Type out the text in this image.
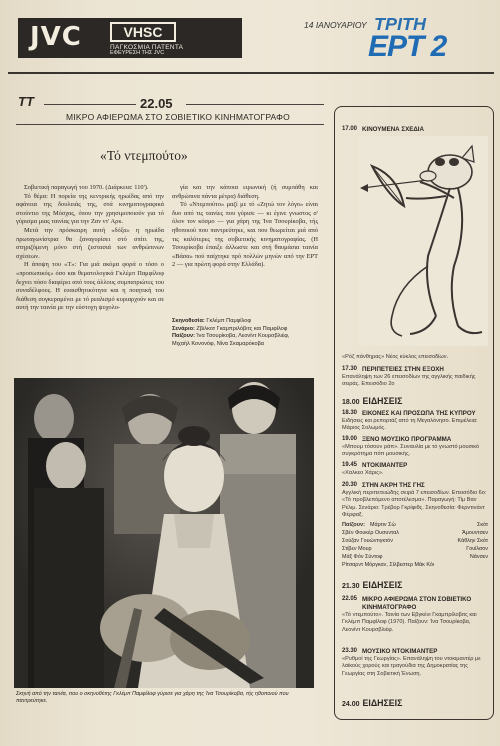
JVC	VHSC
ΠΑΓΚΟΣΜΙΑ ΠΑΤΕΝΤΑ
ΕΦΕΥΡΕΣΗ ΤΗΣ JVC
14 ΙΑΝΟΥΑΡΙΟΥ ΤΡΙΤΗ
ΕΡΤ 2
TT	22.05
ΜΙΚΡΟ ΑΦΙΕΡΩΜΑ ΣΤΟ ΣΟΒΙΕΤΙΚΟ ΚΙΝΗΜΑΤΟΓΡΑΦΟ
«Τό ντεμπούτο»

Σοβιετική παραγωγή του 1970. (Διάρκεια: 110').

Τό θέμα: Η πορεία της κεντρικής ηρωίδας από την αφάνεια της δουλειάς της, στά κινηματογραφικά στούντιο της Μόσχας, όπου την χρησιμοποιούν για τό γύρισμα μιας ταινίας για την Ζαν ντ' Αρκ.

Μετά την πρόσκαιρη αυτή «δόξα» η ηρωίδα πρωταγωνίστρια θα ξαναγυρίσει στό σπίτι της, στηριζόμενη μόνο στή ζεστασιά των ανθρώπινων σχέσεων.

Η άποψη του «Τ»: Για μιά ακόμα φορά ο τόσο ο «προσωπικός» όσο και θεματολογικά Γκλέμπ Παμφίλοφ δεχνει πόσο διαφέρει από τους άλλους συμπατριώτες του συναδέλφους. Η ευαισθητικότητα και η ποιητική του διάθεση συγκεραμένει με τό ρεαλισμό κυριαρχούν και σε αυτή την ταινία με την εύστοχη ψυχολο-

γία και την κάποια ειρωνική (ή συμπάθη και ανθρώπινα πάντα μέτρα) διάθεση.

Τό «Ντεμπούτο» μαζί με τό «Ζητώ τον λόγο» είναι δυο από τις ταινίες που γύρισε — κι έγινε γνωστος σ' όλον τον κόσμο — για χάρη της Ίνα Τσουρίκοβα, τής ηθοποιού που παντρεύτηκε, και που θεωρείται μιά από τις καλύτερες της σοβιετικής κινηματογραφίας. (Η Τσουρίκοβα έπαιξε άλλωστε και στή θαυμάσια ταινία «Βάσα» πού παίχτηκε πρό πολλών μηνών από την ΕΡΤ 2 — για πρώτη φορά στην Ελλάδα).

Σκηνοθεσία: Γκλέμπ Παμφίλοφ
Σενάριο: Ζβιλκοτ Γκαμπριλόβιτς και Παμφίλοφ
Παίζουν: Ίνα Τσουρίκοβα, Λεονίντ Κουρσβλιέφ,
Μιχαήλ Κονονόφ, Νίνα Σκαμαρόκοβα
Σκηνή από την ταινία, που ο σκηνοθέτης Γκλέμπ Παμφίλοφ γύρισε για χάρη της Ίνα Τσουρίκοβα, τής ηθοποιού που παντρεύτηκε.
17.00 ΚΙΝΟΥΜΕΝΑ ΣΧΕΔΙΑ
«Ρόζ πάνθηρας» Νέος κύκλος επεισοδίων.
17.30 ΠΕΡΙΠΕΤΕΙΕΣ ΣΤΗΝ ΕΞΟΧΗ
Επανάληψη των 26 επεισοδίων της αγγλικής παιδικής σειράς. Επεισόδιο 2ο
18.00 ΕΙΔΗΣΕΙΣ
18.30 ΕΙΚΟΝΕΣ ΚΑΙ ΠΡΟΣΩΠΑ ΤΗΣ ΚΥΠΡΟΥ
Ειδήσεις και ρεπορτάζ από τη Μεγαλόνησο. Επιμέλεια: Μάριος Σολωμός.
19.00 ΞΕΝΟ ΜΟΥΣΙΚΟ ΠΡΟΓΡΑΜΜΑ
«Μπουμ τόσουν ράπ». Συναυλία με τό γνωστό μουσικό συγκρότημα πόπ μουσικής.
19.45 ΝΤΟΚΙΜΑΝΤΕΡ
«Χαλκεο Χάρις».
20.30 ΣΤΗΝ ΑΚΡΗ ΤΗΣ ΓΗΣ
Αγγλική περιπετειώδης σειρά 7 επεισοδίων. Επεισόδιο 6ο: «Τό προβλεπόμενο αποτέλεσμα». Παραγωγή: Τίμ Βαν Ρέλιμ. Σενάριο: Τρέβορ Γκρίφιθς. Σκηνοθεσία: Φερντινάντ Φέρφαξ.
Παίζουν: Μάρτιν Σώ	Σκότ
Σβέν Φουκέρ Ουσυνταλ	Άμουντσεν
Σούζαν Γουώντιγκτόν	Κάθλην Σκότ
Στίβεν Μουρ	Γουίλσον
Μάξ Φόν Σύντοφ	Νάνσεν
Ρίτσαρντ Μόργκαν, Σίλβεστερ Μάκ Κόι
21.30 ΕΙΔΗΣΕΙΣ
22.05 ΜΙΚΡΟ ΑΦΙΕΡΩΜΑ ΣΤΟΝ ΣΟΒΙΕΤΙΚΟ ΚΙΝΗΜΑΤΟΓΡΑΦΟ
«Τό ντεμπούτο». Ταινία των Εβγκένι Γκαμπρίλοβιτς και Γκλέμπ Παμφίλοφ (1970). Παίζουν: Ίνα Τσουρίκοβα, Λεονίντ Κουρσβλιέφ.
23.30 ΜΟΥΣΙΚΟ ΝΤΟΚΙΜΑΝΤΕΡ
«Ρυθμοί της Γεωργίας». Επανάληψη του ντοκιμαντέρ με λαϊκούς χορούς και τραγούδια της Δημοκρατίας της Γεωργίας στη Σοβιετική Ένωση.
24.00 ΕΙΔΗΣΕΙΣ
